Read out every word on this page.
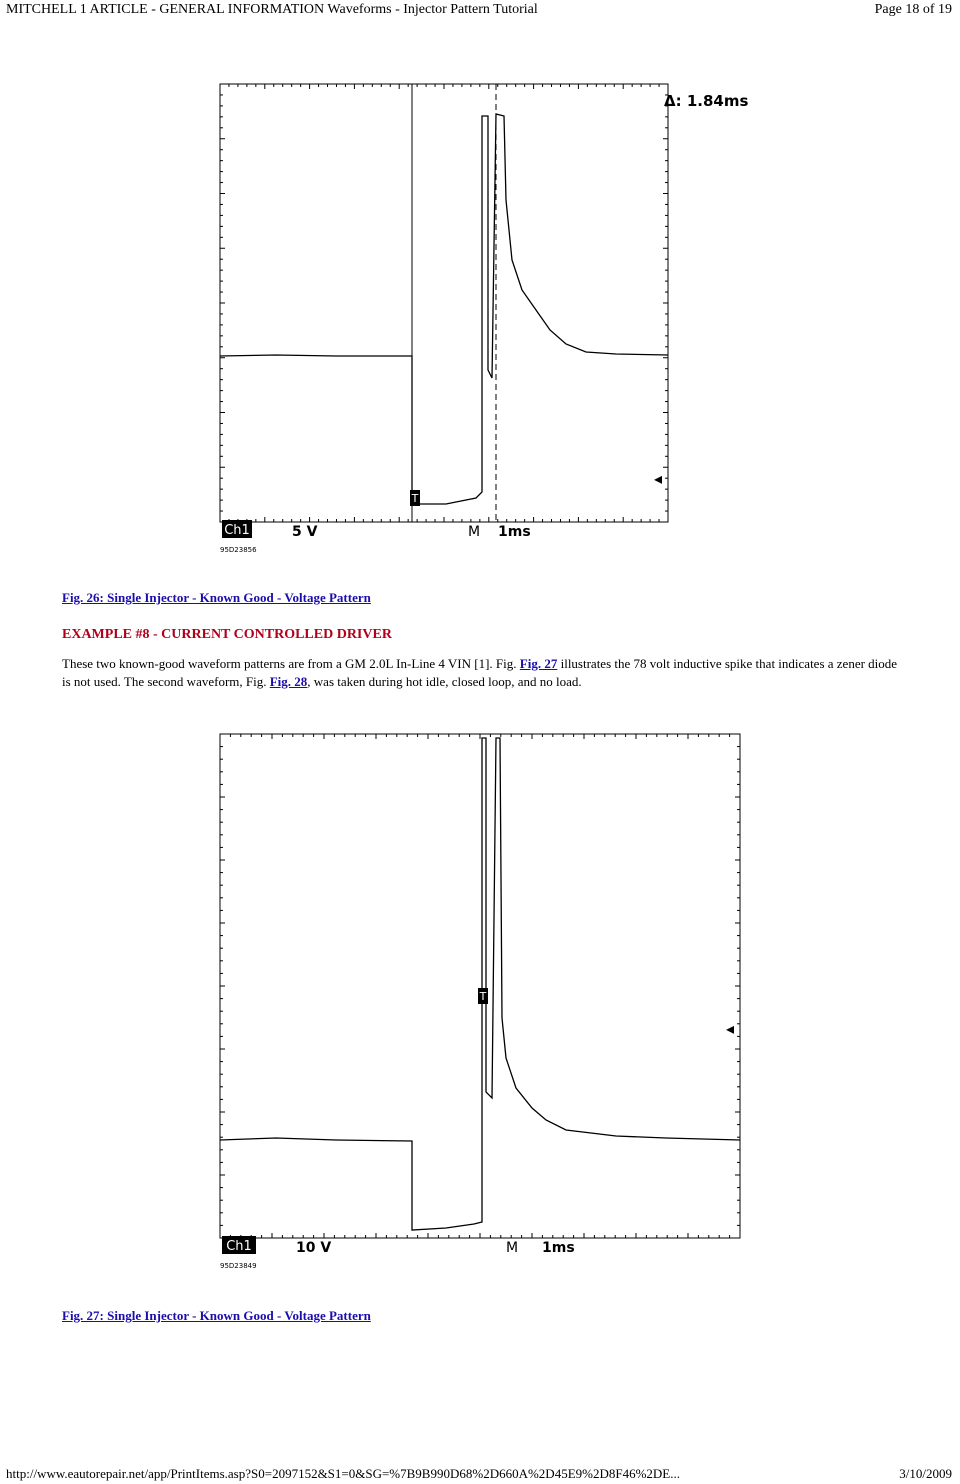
MITCHELL 1 ARTICLE - GENERAL INFORMATION Waveforms - Injector Pattern Tutorial	Page 18 of 19
T
◂
Δ: 1.84ms
Ch1	5 V	M 1ms
95D23856
Fig. 26: Single Injector - Known Good - Voltage Pattern
EXAMPLE #8 - CURRENT CONTROLLED DRIVER
These two known-good waveform patterns are from a GM 2.0L In-Line 4 VIN [1]. Fig. Fig. 27 illustrates the 78 volt inductive spike that indicates a zener diode is not used. The second waveform, Fig. Fig. 28, was taken during hot idle, closed loop, and no load.
T
◂
Ch1	10 V	M 1ms
95D23849
Fig. 27: Single Injector - Known Good - Voltage Pattern
http://www.eautorepair.net/app/PrintItems.asp?S0=2097152&S1=0&SG=%7B9B990D68%2D660A%2D45E9%2D8F46%2DE...	3/10/2009
